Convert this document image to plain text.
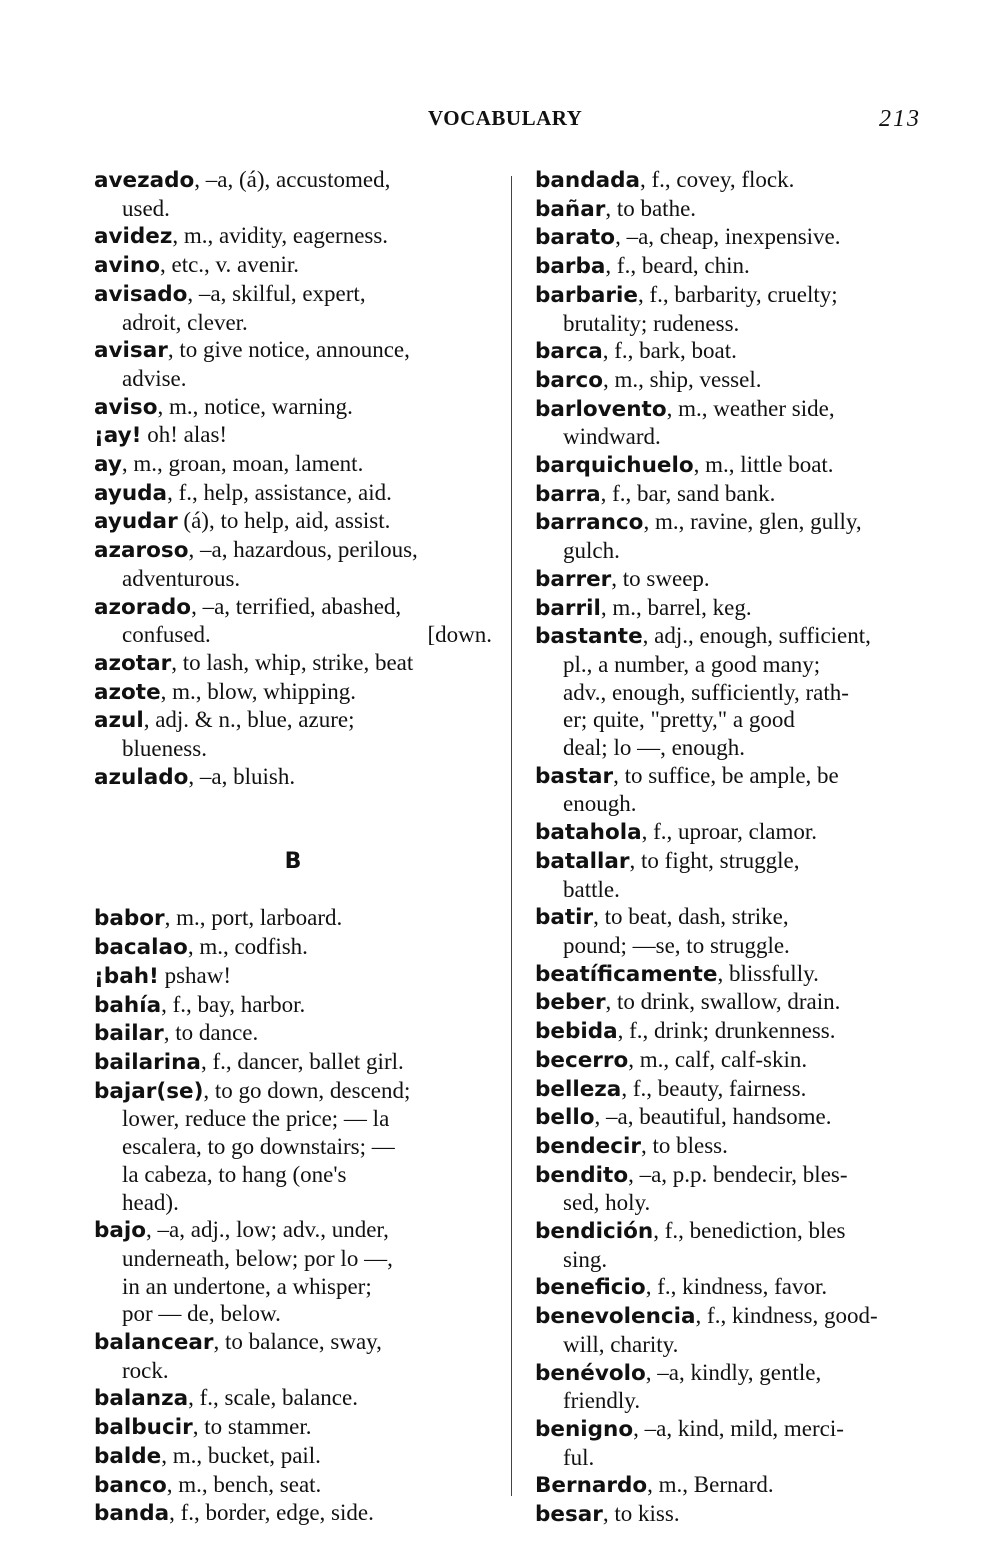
VOCABULARY	213
avezado, –a, (á), accustomed,
used.
avidez, m., avidity, eagerness.
avino, etc., v. avenir.
avisado, –a, skilful, expert,
adroit, clever.
avisar, to give notice, announce,
advise.
aviso, m., notice, warning.
¡ay! oh! alas!
ay, m., groan, moan, lament.
ayuda, f., help, assistance, aid.
ayudar (á), to help, aid, assist.
azaroso, –a, hazardous, perilous,
adventurous.
azorado, –a, terrified, abashed,
confused.	[down.
azotar, to lash, whip, strike, beat
azote, m., blow, whipping.
azul, adj. & n., blue, azure;
blueness.
azulado, –a, bluish.
B
babor, m., port, larboard.
bacalao, m., codfish.
¡bah! pshaw!
bahía, f., bay, harbor.
bailar, to dance.
bailarina, f., dancer, ballet girl.
bajar(se), to go down, descend;
lower, reduce the price; — la
escalera, to go downstairs; —
la cabeza, to hang (one's
head).
bajo, –a, adj., low; adv., under,
underneath, below; por lo —,
in an undertone, a whisper;
por — de, below.
balancear, to balance, sway,
rock.
balanza, f., scale, balance.
balbucir, to stammer.
balde, m., bucket, pail.
banco, m., bench, seat.
banda, f., border, edge, side.
bandada, f., covey, flock.
bañar, to bathe.
barato, –a, cheap, inexpensive.
barba, f., beard, chin.
barbarie, f., barbarity, cruelty;
brutality; rudeness.
barca, f., bark, boat.
barco, m., ship, vessel.
barlovento, m., weather side,
windward.
barquichuelo, m., little boat.
barra, f., bar, sand bank.
barranco, m., ravine, glen, gully,
gulch.
barrer, to sweep.
barril, m., barrel, keg.
bastante, adj., enough, sufficient,
pl., a number, a good many;
adv., enough, sufficiently, rath-
er; quite, "pretty," a good
deal; lo —, enough.
bastar, to suffice, be ample, be
enough.
batahola, f., uproar, clamor.
batallar, to fight, struggle,
battle.
batir, to beat, dash, strike,
pound; —se, to struggle.
beatíficamente, blissfully.
beber, to drink, swallow, drain.
bebida, f., drink; drunkenness.
becerro, m., calf, calf-skin.
belleza, f., beauty, fairness.
bello, –a, beautiful, handsome.
bendecir, to bless.
bendito, –a, p.p. bendecir, bles-
sed, holy.
bendición, f., benediction, bles
sing.
beneficio, f., kindness, favor.
benevolencia, f., kindness, good-
will, charity.
benévolo, –a, kindly, gentle,
friendly.
benigno, –a, kind, mild, merci-
ful.
Bernardo, m., Bernard.
besar, to kiss.
